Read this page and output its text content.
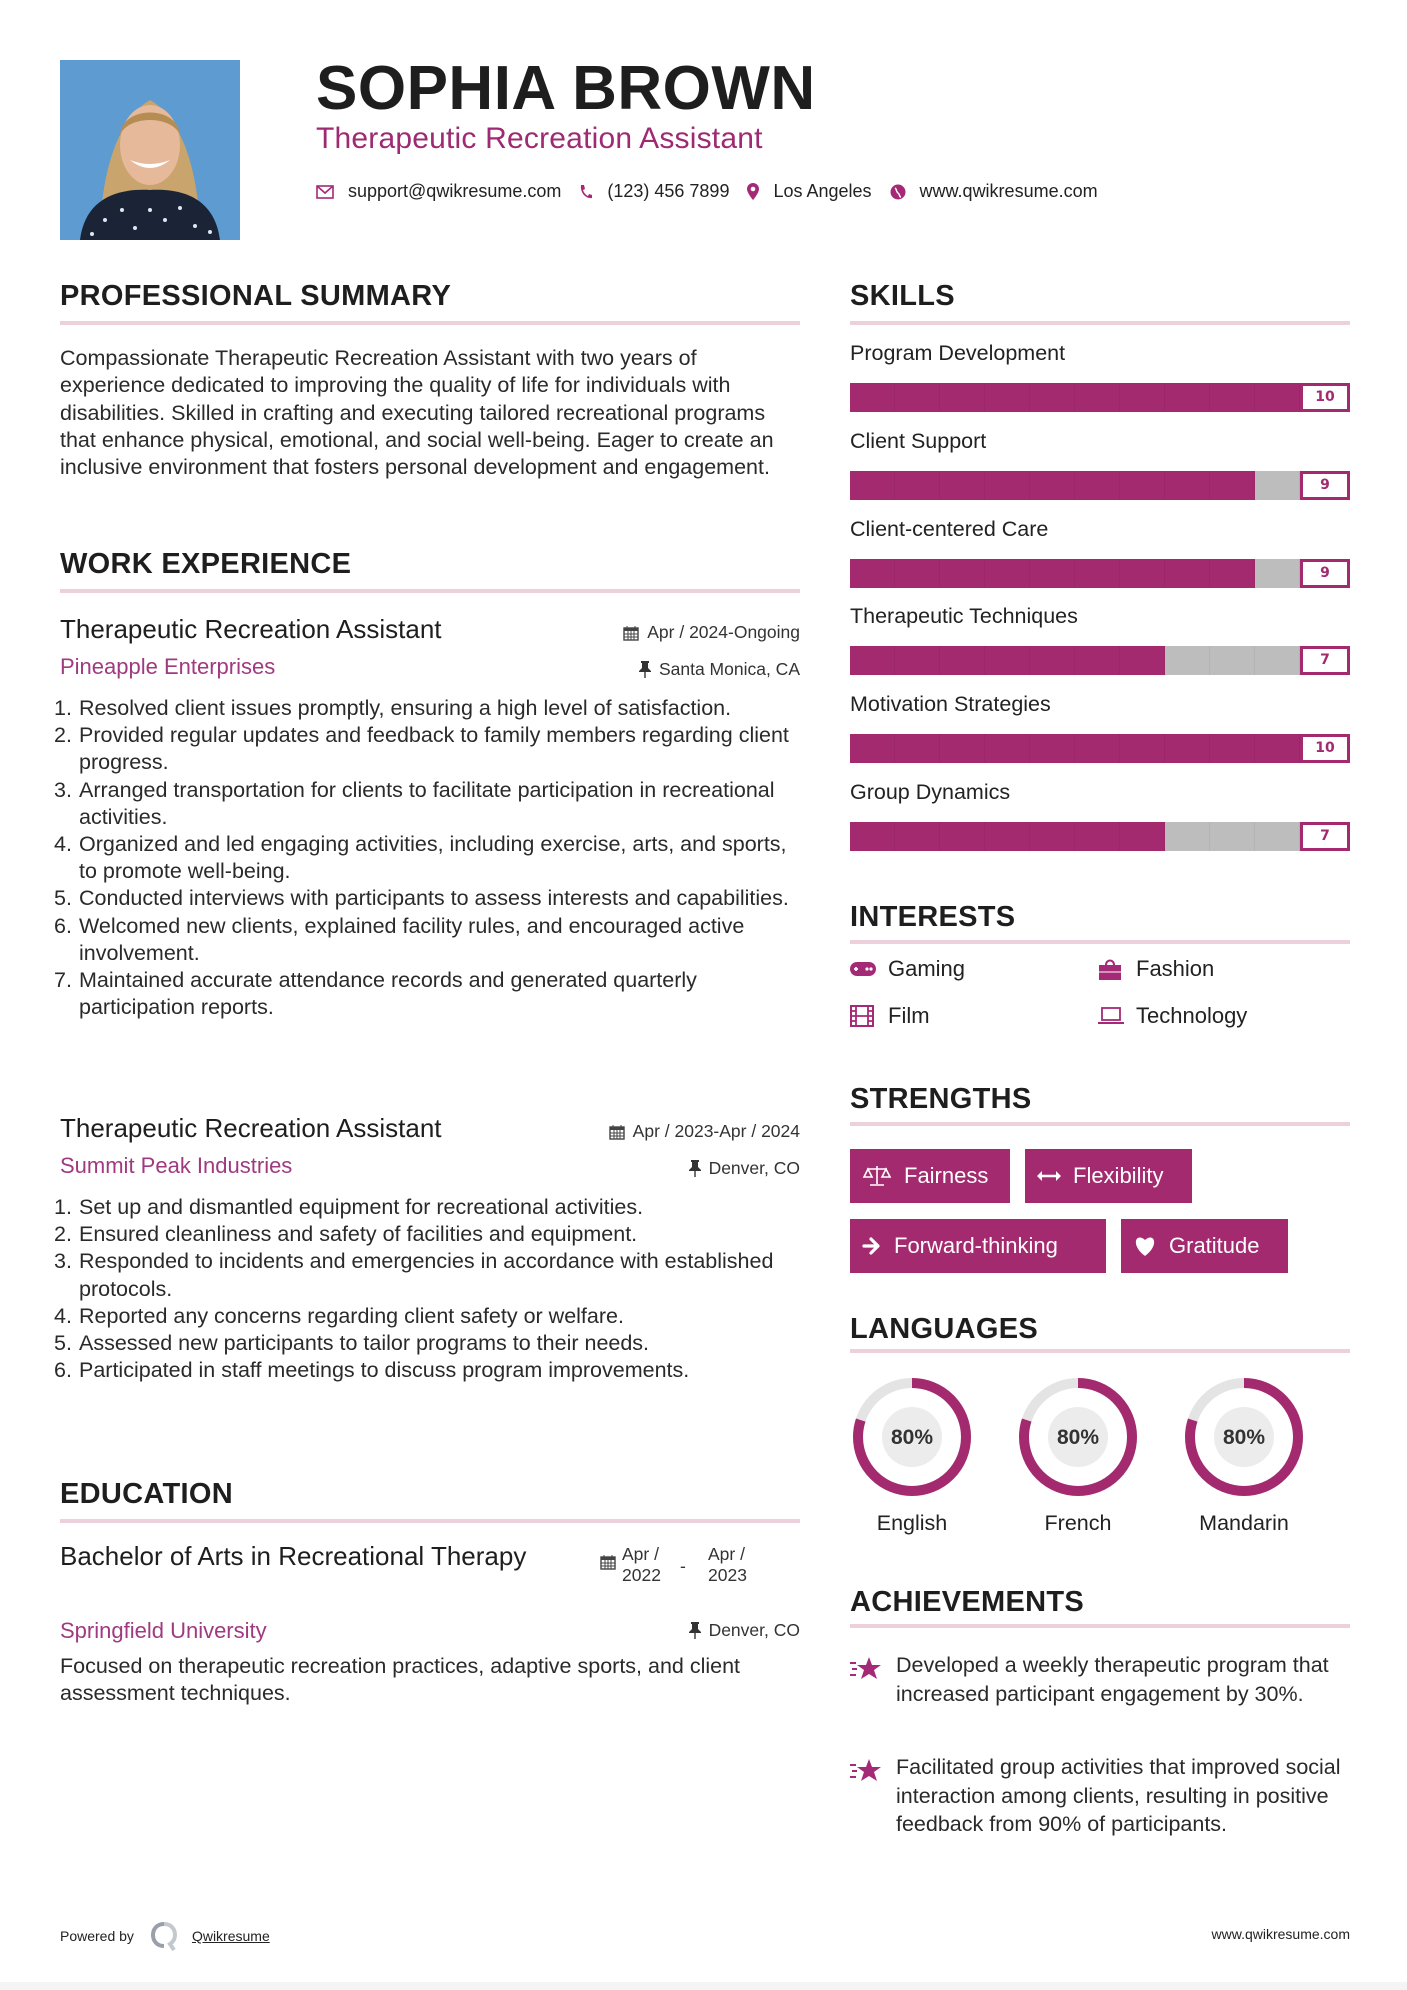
SOPHIA BROWN
Therapeutic Recreation Assistant
support@qwikresume.com	(123) 456 7899 Los Angeles	www.qwikresume.com
PROFESSIONAL SUMMARY
Compassionate Therapeutic Recreation Assistant with two years of experience dedicated to improving the quality of life for individuals with disabilities. Skilled in crafting and executing tailored recreational programs that enhance physical, emotional, and social well-being. Eager to create an inclusive environment that fosters personal development and engagement.
WORK EXPERIENCE
Therapeutic Recreation Assistant	Apr / 2024-Ongoing
Pineapple Enterprises	Santa Monica, CA
1. Resolved client issues promptly, ensuring a high level of satisfaction.
2. Provided regular updates and feedback to family members regarding client progress.
3. Arranged transportation for clients to facilitate participation in recreational activities.
4. Organized and led engaging activities, including exercise, arts, and sports, to promote well-being.
5. Conducted interviews with participants to assess interests and capabilities.
6. Welcomed new clients, explained facility rules, and encouraged active involvement.
7. Maintained accurate attendance records and generated quarterly participation reports.
Therapeutic Recreation Assistant	Apr / 2023-Apr / 2024
Summit Peak Industries	Denver, CO
1. Set up and dismantled equipment for recreational activities.
2. Ensured cleanliness and safety of facilities and equipment.
3. Responded to incidents and emergencies in accordance with established protocols.
4. Reported any concerns regarding client safety or welfare.
5. Assessed new participants to tailor programs to their needs.
6. Participated in staff meetings to discuss program improvements.
EDUCATION
Bachelor of Arts in Recreational Therapy	Apr / 2022	-
Apr / 2023
Springfield University	Denver, CO
Focused on therapeutic recreation practices, adaptive sports, and client assessment techniques.
SKILLS
Program Development
10
Client Support
9
Client-centered Care
9
Therapeutic Techniques
7
Motivation Strategies
10
Group Dynamics
7
INTERESTS
Gaming	Fashion
Film	Technology
STRENGTHS
Fairness	Flexibility
Forward-thinking	Gratitude
LANGUAGES
80%
English
80%
French
80%
Mandarin
ACHIEVEMENTS
Developed a weekly therapeutic program that increased participant engagement by 30%.
Facilitated group activities that improved social interaction among clients, resulting in positive feedback from 90% of participants.
Powered by	Qwikresume	www.qwikresume.com
